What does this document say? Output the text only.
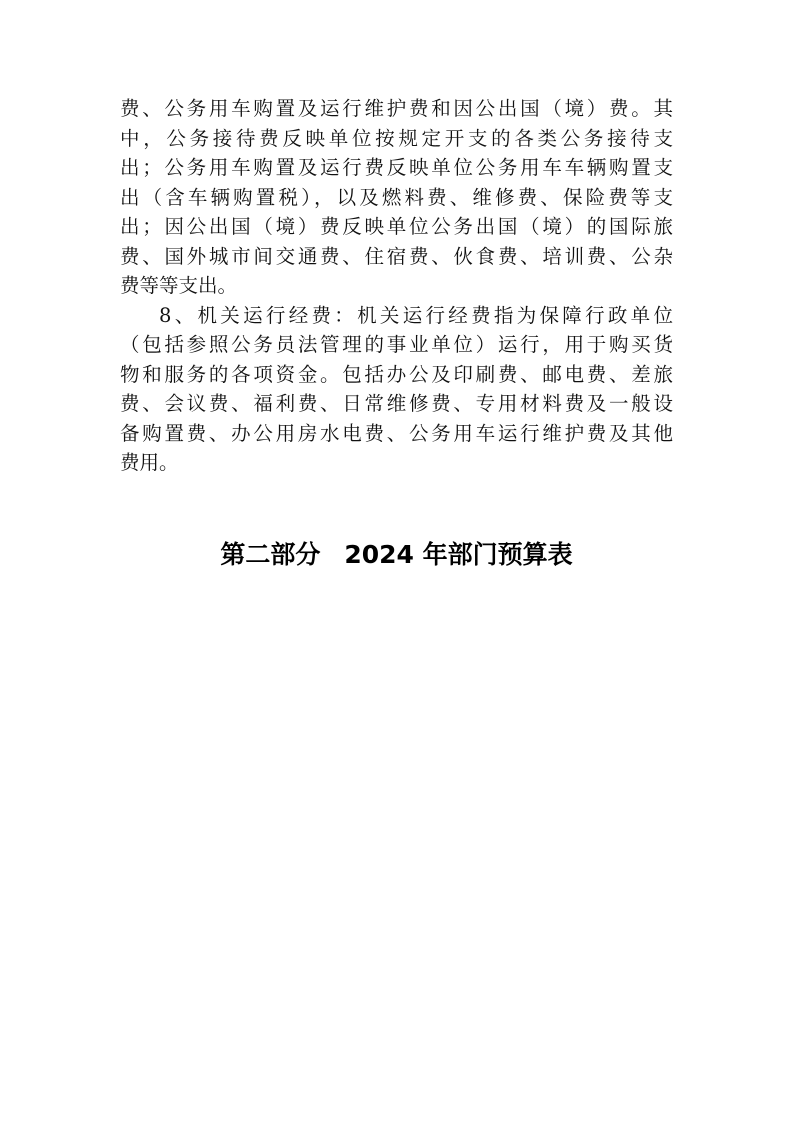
费、公务用车购置及运行维护费和因公出国（境）费。其
中，公务接待费反映单位按规定开支的各类公务接待支
出；公务用车购置及运行费反映单位公务用车车辆购置支
出（含车辆购置税），以及燃料费、维修费、保险费等支
出；因公出国（境）费反映单位公务出国（境）的国际旅
费、国外城市间交通费、住宿费、伙食费、培训费、公杂
费等等支出。
8、机关运行经费：机关运行经费指为保障行政单位
（包括参照公务员法管理的事业单位）运行，用于购买货
物和服务的各项资金。包括办公及印刷费、邮电费、差旅
费、会议费、福利费、日常维修费、专用材料费及一般设
备购置费、办公用房水电费、公务用车运行维护费及其他
费用。
第二部分 2024 年部门预算表
